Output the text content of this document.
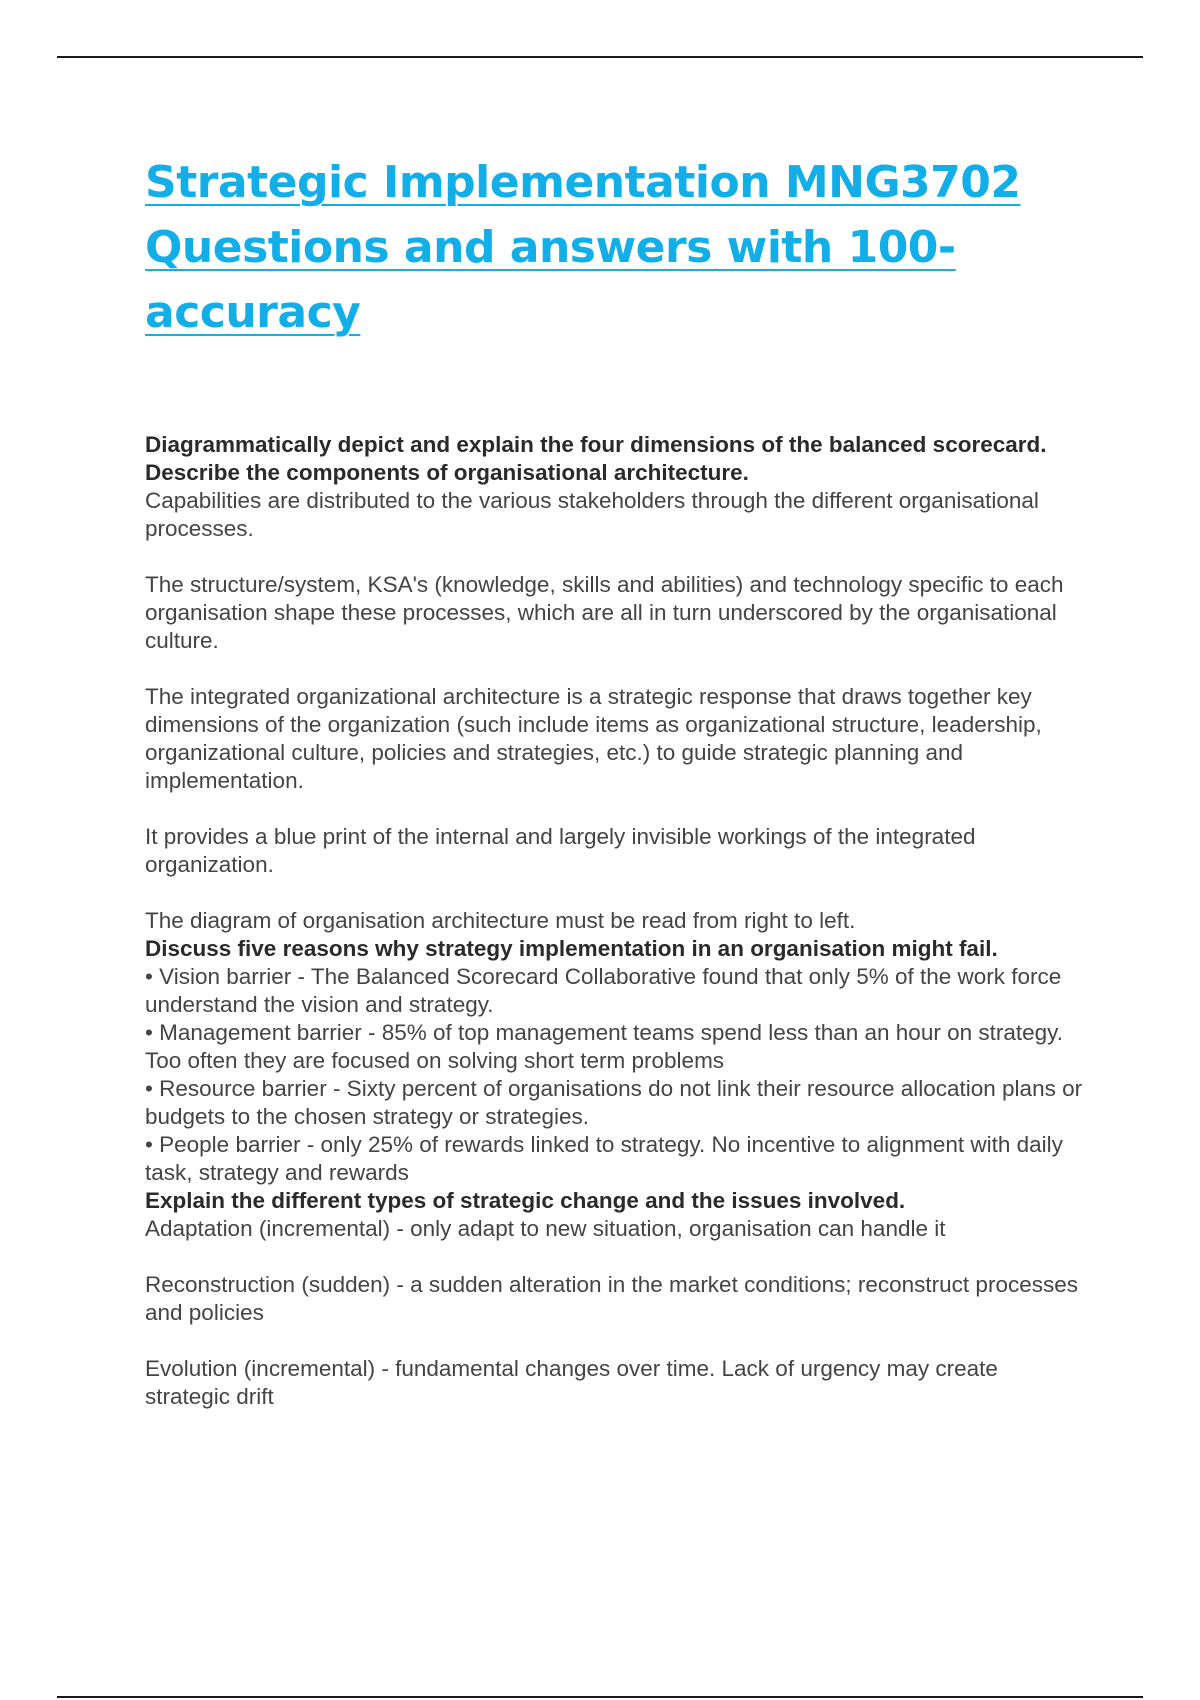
Strategic Implementation MNG3702
Questions and answers with 100-
accuracy

Diagrammatically depict and explain the four dimensions of the balanced scorecard.

Describe the components of organisational architecture.

Capabilities are distributed to the various stakeholders through the different organisational processes.

The structure/system, KSA's (knowledge, skills and abilities) and technology specific to each organisation shape these processes, which are all in turn underscored by the organisational culture.

The integrated organizational architecture is a strategic response that draws together key dimensions of the organization (such include items as organizational structure, leadership, organizational culture, policies and strategies, etc.) to guide strategic planning and implementation.

It provides a blue print of the internal and largely invisible workings of the integrated organization.

The diagram of organisation architecture must be read from right to left.

Discuss five reasons why strategy implementation in an organisation might fail.

• Vision barrier - The Balanced Scorecard Collaborative found that only 5% of the work force understand the vision and strategy.

• Management barrier - 85% of top management teams spend less than an hour on strategy. Too often they are focused on solving short term problems

• Resource barrier - Sixty percent of organisations do not link their resource allocation plans or budgets to the chosen strategy or strategies.

• People barrier - only 25% of rewards linked to strategy. No incentive to alignment with daily task, strategy and rewards

Explain the different types of strategic change and the issues involved.

Adaptation (incremental) - only adapt to new situation, organisation can handle it

Reconstruction (sudden) - a sudden alteration in the market conditions; reconstruct processes and policies

Evolution (incremental) - fundamental changes over time. Lack of urgency may create strategic drift
